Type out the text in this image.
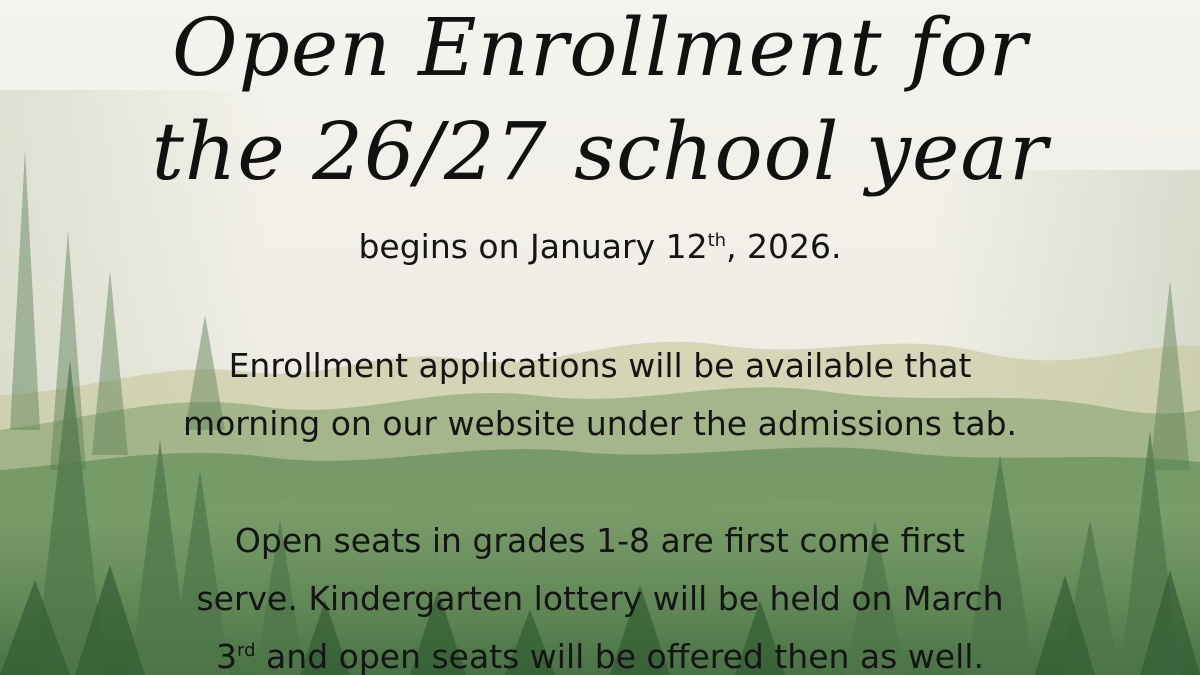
Open Enrollment for
the 26/27 school year
begins on January 12th, 2026.
Enrollment applications will be available that
morning on our website under the admissions tab.
Open seats in grades 1-8 are first come first
serve. Kindergarten lottery will be held on March
3rd and open seats will be offered then as well.
